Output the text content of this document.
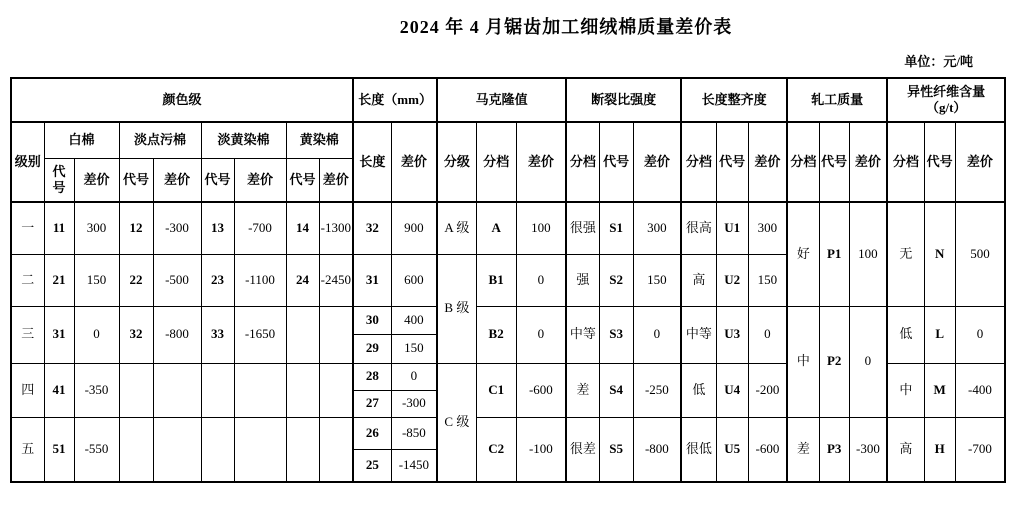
2024 年 4 月锯齿加工细绒棉质量差价表
单位：元/吨
颜色级									长度（mm）		马克隆值			断裂比强度			长度整齐度			轧工质量			异性纤维含量
（g/t）		

级别	白棉		淡点污棉		淡黄染棉		黄染棉		长度	差价	分级	分档	差价	分档	代号	差价	分档	代号	差价	分档	代号	差价	分档	代号	差价
	代号	差价	代号	差价	代号	差价	代号	差价																	
一	11	300	12	-300	13	-700	14	-1300	32	900	A 级	A	100	很强	S1	300	很高	U1	300	好	P1	100	无	N	500
二	21	150	22	-500	23	-1100	24	-2450	31	600	B 级	B1	0	强	S2	150	高	U2	150						
三	31	0	32	-800	33	-1650			30	400		B2	0	中等	S3	0	中等	U3	0	中	P2	0	低	L	0
									29	150															
四	41	-350							28	0	C 级	C1	-600	差	S4	-250	低	U4	-200				中	M	-400
									27	-300															
五	51	-550							26	-850		C2	-100	很差	S5	-800	很低	U5	-600	差	P3	-300	高	H	-700
									25	-1450															
